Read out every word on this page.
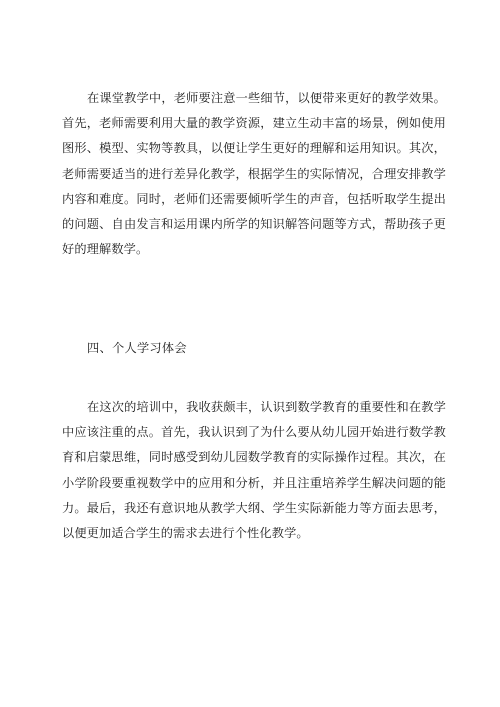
在课堂教学中，老师要注意一些细节，以便带来更好的教学效果。首先，老师需要利用大量的教学资源，建立生动丰富的场景，例如使用图形、模型、实物等教具，以便让学生更好的理解和运用知识。其次，老师需要适当的进行差异化教学，根据学生的实际情况，合理安排教学内容和难度。同时，老师们还需要倾听学生的声音，包括听取学生提出的问题、自由发言和运用课内所学的知识解答问题等方式，帮助孩子更好的理解数学。

四、个人学习体会

在这次的培训中，我收获颇丰，认识到数学教育的重要性和在教学中应该注重的点。首先，我认识到了为什么要从幼儿园开始进行数学教育和启蒙思维，同时感受到幼儿园数学教育的实际操作过程。其次，在小学阶段要重视数学中的应用和分析，并且注重培养学生解决问题的能力。最后，我还有意识地从教学大纲、学生实际新能力等方面去思考，以便更加适合学生的需求去进行个性化教学。
